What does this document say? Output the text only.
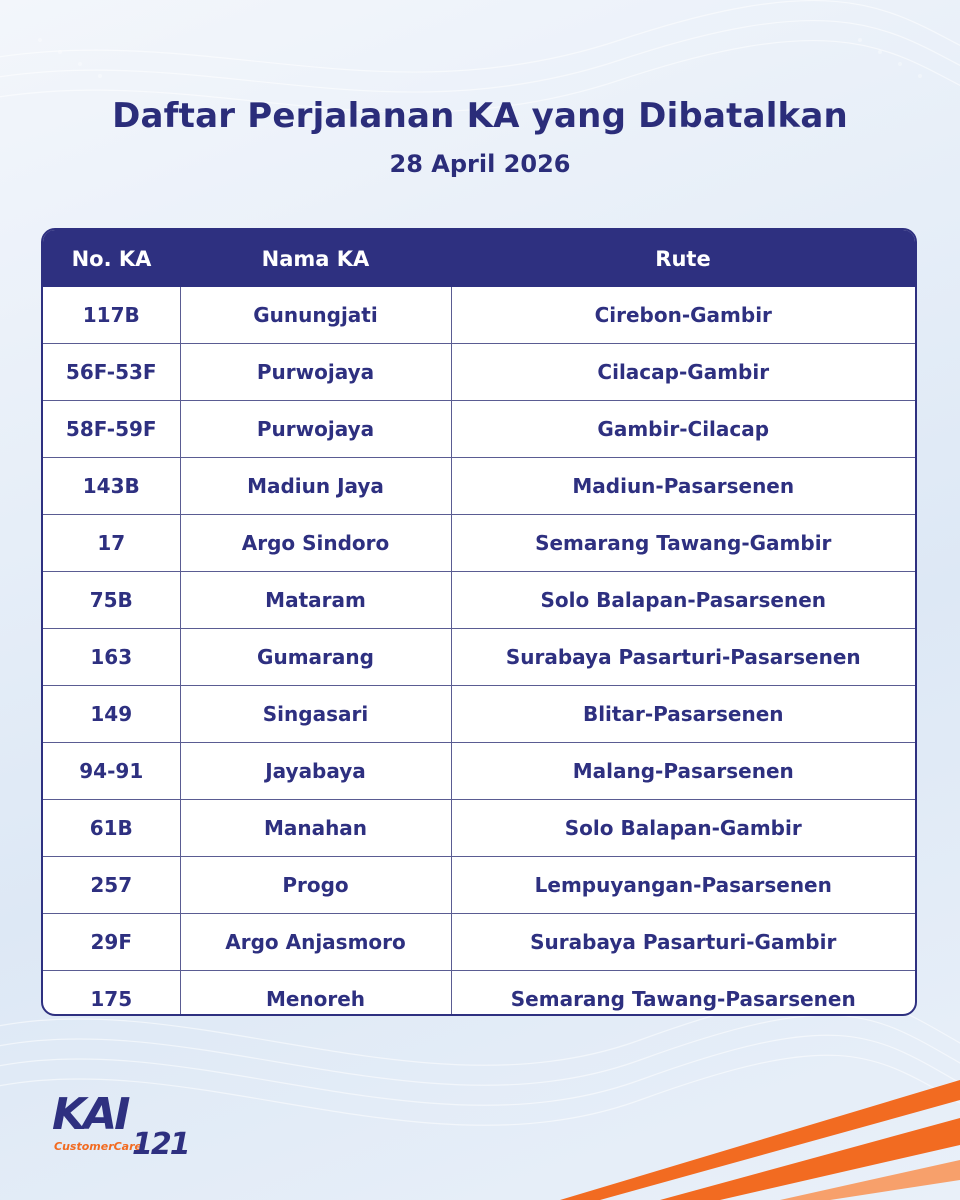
Daftar Perjalanan KA yang Dibatalkan

28 April 2026

No. KA	Nama KA	Rute
117B	Gunungjati	Cirebon-Gambir
56F-53F	Purwojaya	Cilacap-Gambir
58F-59F	Purwojaya	Gambir-Cilacap
143B	Madiun Jaya	Madiun-Pasarsenen
17	Argo Sindoro	Semarang Tawang-Gambir
75B	Mataram	Solo Balapan-Pasarsenen
163	Gumarang	Surabaya Pasarturi-Pasarsenen
149	Singasari	Blitar-Pasarsenen
94-91	Jayabaya	Malang-Pasarsenen
61B	Manahan	Solo Balapan-Gambir
257	Progo	Lempuyangan-Pasarsenen
29F	Argo Anjasmoro	Surabaya Pasarturi-Gambir
175	Menoreh	Semarang Tawang-Pasarsenen
KAI
CustomerCare
121
